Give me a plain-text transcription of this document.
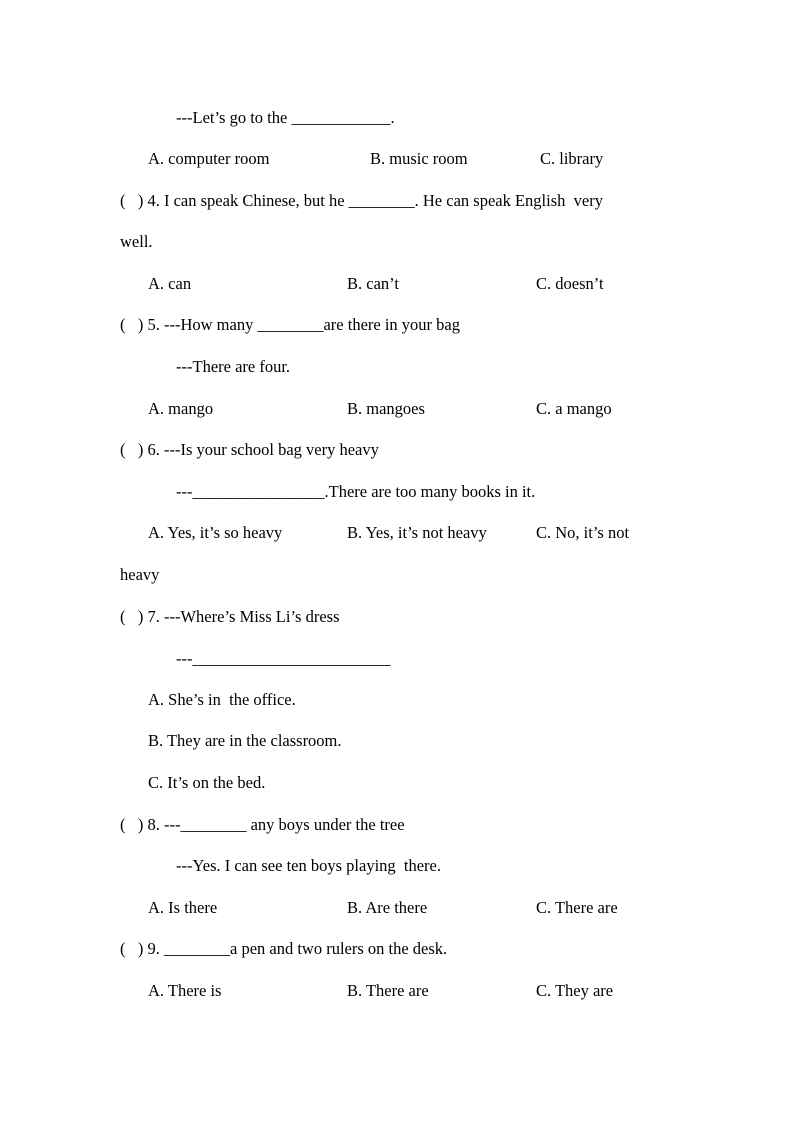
---Let’s go to the ____________.
A. computer room	B. music room	C. library
(   ) 4. I can speak Chinese, but he ________. He can speak English  very
well.
A. can	B. can’t	C. doesn’t
(   ) 5. ---How many ________are there in your bag
---There are four.
A. mango	B. mangoes	C. a mango
(   ) 6. ---Is your school bag very heavy
---________________.There are too many books in it.
A. Yes, it’s so heavy	B. Yes, it’s not heavy	C. No, it’s not
heavy
(   ) 7. ---Where’s Miss Li’s dress
---________________________
A. She’s in  the office.
B. They are in the classroom.
C. It’s on the bed.
(   ) 8. ---________ any boys under the tree
---Yes. I can see ten boys playing  there.
A. Is there	B. Are there	C. There are
(   ) 9. ________a pen and two rulers on the desk.
A. There is	B. There are	C. They are
